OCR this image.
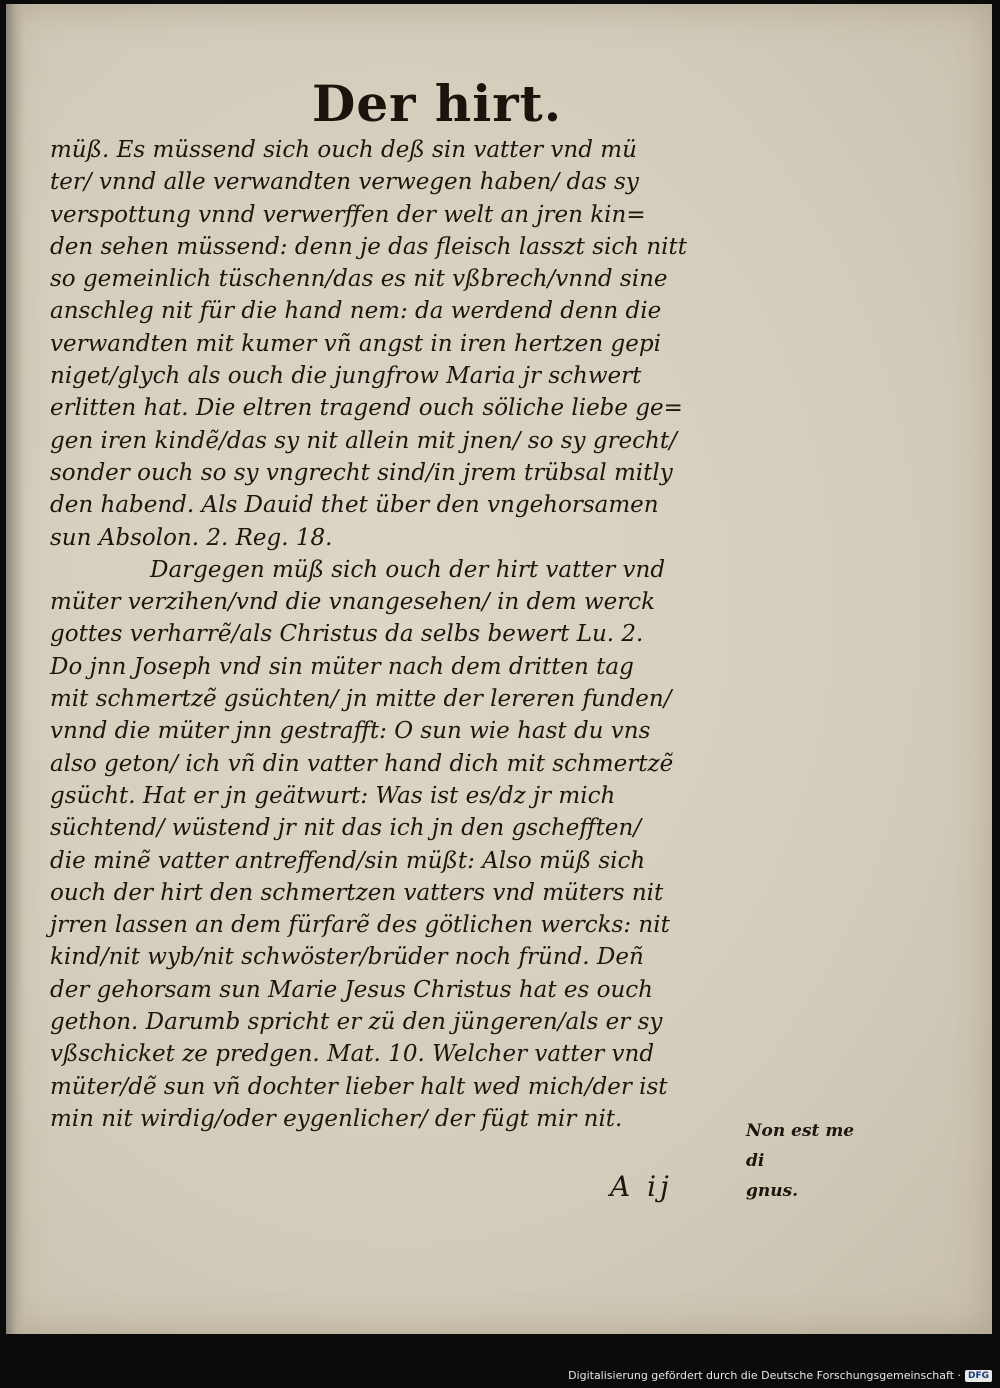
Der hirt.

müß. Es müssend sich ouch deß sin vatter vnd mü
ter/ vnnd alle verwandten verwegen haben/ das sy
verspottung vnnd verwerffen der welt an jren kin=
den sehen müssend: denn je das fleisch lasszt sich nitt
so gemeinlich tüschenn/das es nit vßbrech/vnnd sine
anschleg nit für die hand nem: da werdend denn die
verwandten mit kumer vñ angst in iren hertzen gepi
niget/glych als ouch die jungfrow Maria jr schwert
erlitten hat. Die eltren tragend ouch söliche liebe ge=
gen iren kindẽ/das sy nit allein mit jnen/ so sy grecht/
sonder ouch so sy vngrecht sind/in jrem trübsal mitly
den habend. Als Dauid thet über den vngehorsamen
sun Absolon. 2. Reg. 18.
Dargegen müß sich ouch der hirt vatter vnd
müter verzihen/vnd die vnangesehen/ in dem werck
gottes verharrẽ/als Christus da selbs bewert Lu. 2.
Do jnn Joseph vnd sin müter nach dem dritten tag
mit schmertzẽ gsüchten/ jn mitte der lereren funden/
vnnd die müter jnn gestrafft: O sun wie hast du vns
also geton/ ich vñ din vatter hand dich mit schmertzẽ
gsücht. Hat er jn geätwurt: Was ist es/dz jr mich
süchtend/ wüstend jr nit das ich jn den gschefften/
die minẽ vatter antreffend/sin müßt: Also müß sich
ouch der hirt den schmertzen vatters vnd müters nit
jrren lassen an dem fürfarẽ des götlichen wercks: nit
kind/nit wyb/nit schwöster/brüder noch fründ. Deñ
der gehorsam sun Marie Jesus Christus hat es ouch
gethon. Darumb spricht er zü den jüngeren/als er sy
vßschicket ze predgen. Mat. 10. Welcher vatter vnd
müter/dẽ sun vñ dochter lieber halt wed mich/der ist
min nit wirdig/oder eygenlicher/ der fügt mir nit.	Non est me di
gnus.
A ij
Digitalisierung gefördert durch die Deutsche Forschungsgemeinschaft · DFG
